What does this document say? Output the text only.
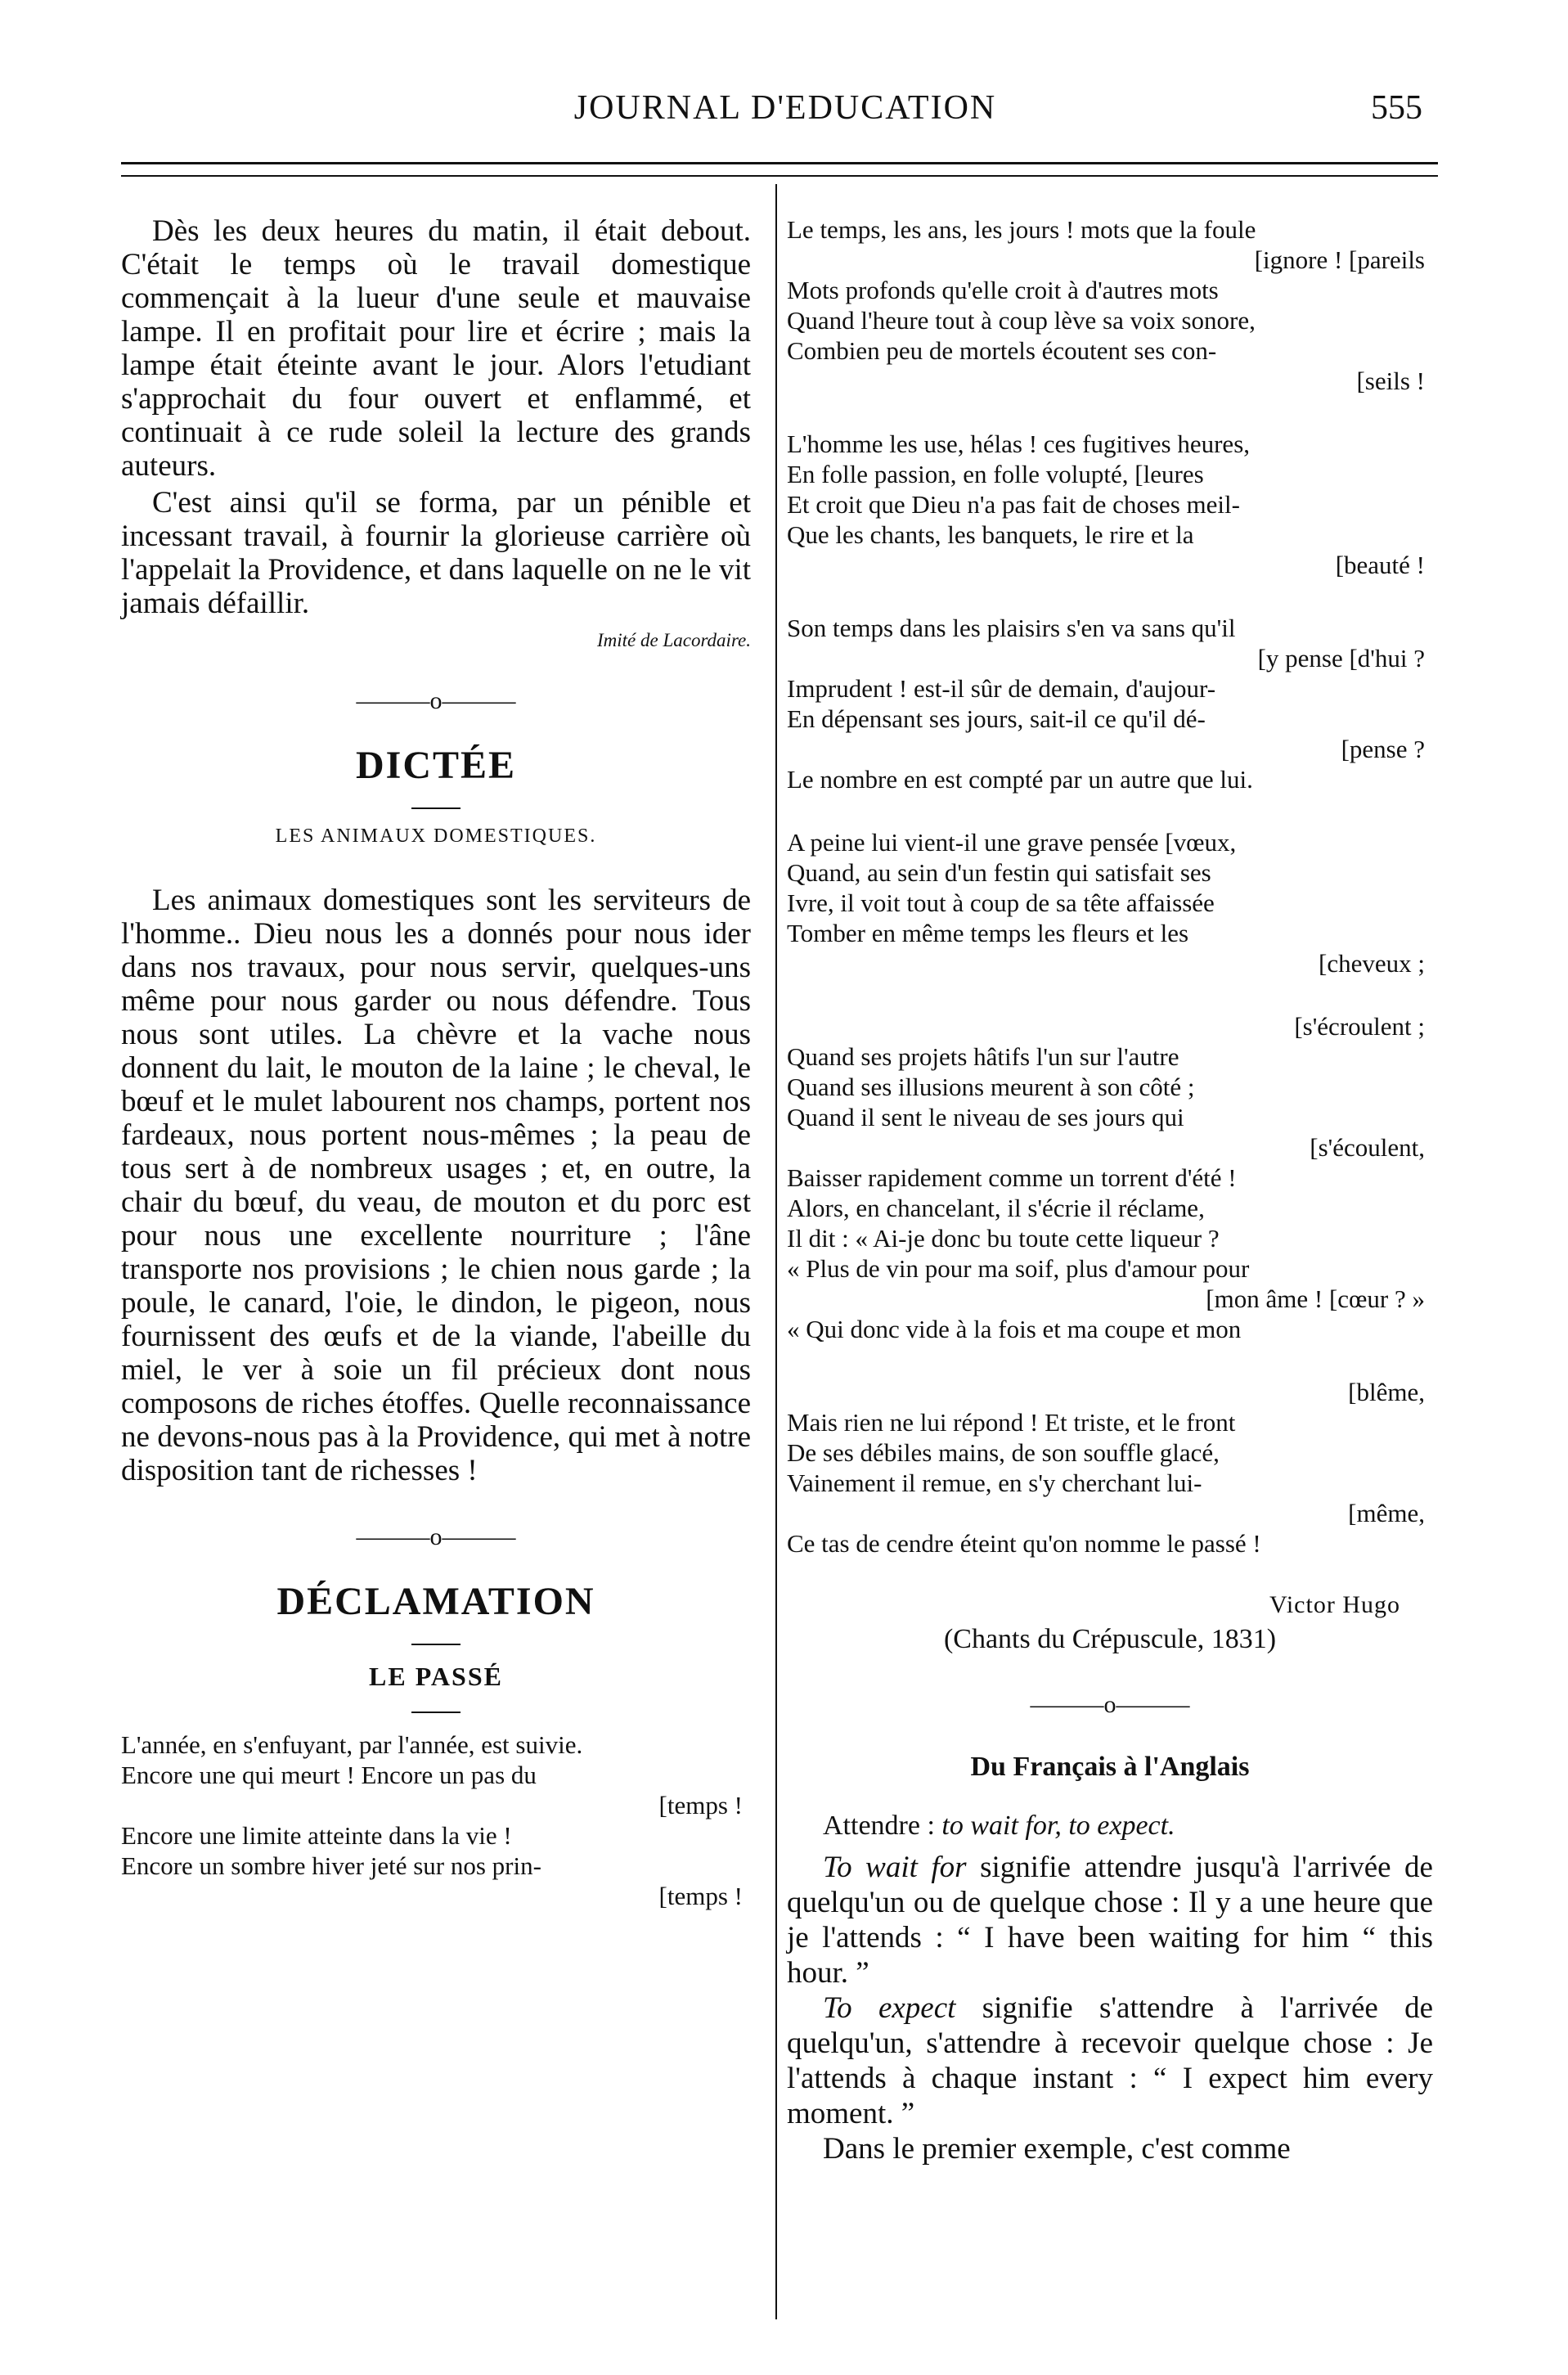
JOURNAL D'EDUCATION	555

Dès les deux heures du matin, il était debout. C'était le temps où le travail domestique commençait à la lueur d'une seule et mauvaise lampe. Il en profitait pour lire et écrire ; mais la lampe était éteinte avant le jour. Alors l'etudiant s'approchait du four ouvert et enflammé, et continuait à ce rude soleil la lecture des grands auteurs.

C'est ainsi qu'il se forma, par un pénible et incessant travail, à fournir la glorieuse carrière où l'appelait la Providence, et dans laquelle on ne le vit jamais défaillir.

Imité de Lacordaire.

———o———
DICTÉE

LES ANIMAUX DOMESTIQUES.

Les animaux domestiques sont les serviteurs de l'homme.. Dieu nous les a donnés pour nous ider dans nos travaux, pour nous servir, quelques-uns même pour nous garder ou nous défendre. Tous nous sont utiles. La chèvre et la vache nous donnent du lait, le mouton de la laine ; le cheval, le bœuf et le mulet labourent nos champs, portent nos fardeaux, nous portent nous-mêmes ; la peau de tous sert à de nombreux usages ; et, en outre, la chair du bœuf, du veau, de mouton et du porc est pour nous une excellente nourriture ; l'âne transporte nos provisions ; le chien nous garde ; la poule, le canard, l'oie, le dindon, le pigeon, nous fournissent des œufs et de la viande, l'abeille du miel, le ver à soie un fil précieux dont nous composons de riches étoffes. Quelle reconnaissance ne devons-nous pas à la Providence, qui met à notre disposition tant de richesses !

———o———
DÉCLAMATION
LE PASSÉ
L'année, en s'enfuyant, par l'année, est suivie.
Encore une qui meurt ! Encore un pas du
[temps !
Encore une limite atteinte dans la vie !
Encore un sombre hiver jeté sur nos prin-
[temps !
Le temps, les ans, les jours ! mots que la foule
[ignore ! [pareils
Mots profonds qu'elle croit à d'autres mots
Quand l'heure tout à coup lève sa voix sonore,
Combien peu de mortels écoutent ses con-
[seils !
L'homme les use, hélas ! ces fugitives heures,
En folle passion, en folle volupté, [leures
Et croit que Dieu n'a pas fait de choses meil-
Que les chants, les banquets, le rire et la
[beauté !
Son temps dans les plaisirs s'en va sans qu'il
[y pense [d'hui ?
Imprudent ! est-il sûr de demain, d'aujour-
En dépensant ses jours, sait-il ce qu'il dé-
[pense ?
Le nombre en est compté par un autre que lui.
A peine lui vient-il une grave pensée [vœux,
Quand, au sein d'un festin qui satisfait ses
Ivre, il voit tout à coup de sa tête affaissée
Tomber en même temps les fleurs et les
[cheveux ;
[s'écroulent ;
Quand ses projets hâtifs l'un sur l'autre
Quand ses illusions meurent à son côté ;
Quand il sent le niveau de ses jours qui
[s'écoulent,
Baisser rapidement comme un torrent d'été !
Alors, en chancelant, il s'écrie il réclame,
Il dit : « Ai-je donc bu toute cette liqueur ?
« Plus de vin pour ma soif, plus d'amour pour
[mon âme ! [cœur ? »
« Qui donc vide à la fois et ma coupe et mon
[blême,
Mais rien ne lui répond ! Et triste, et le front
De ses débiles mains, de son souffle glacé,
Vainement il remue, en s'y cherchant lui-
[même,
Ce tas de cendre éteint qu'on nomme le passé !
Victor Hugo
(Chants du Crépuscule, 1831)
———o———
Du Français à l'Anglais

Attendre : to wait for, to expect.

To wait for signifie attendre jusqu'à l'arrivée de quelqu'un ou de quelque chose : Il y a une heure que je l'attends : “ I have been waiting for him “ this hour. ”

To expect signifie s'attendre à l'arrivée de quelqu'un, s'attendre à recevoir quelque chose : Je l'attends à chaque instant : “ I expect him every moment. ”

Dans le premier exemple, c'est comme
